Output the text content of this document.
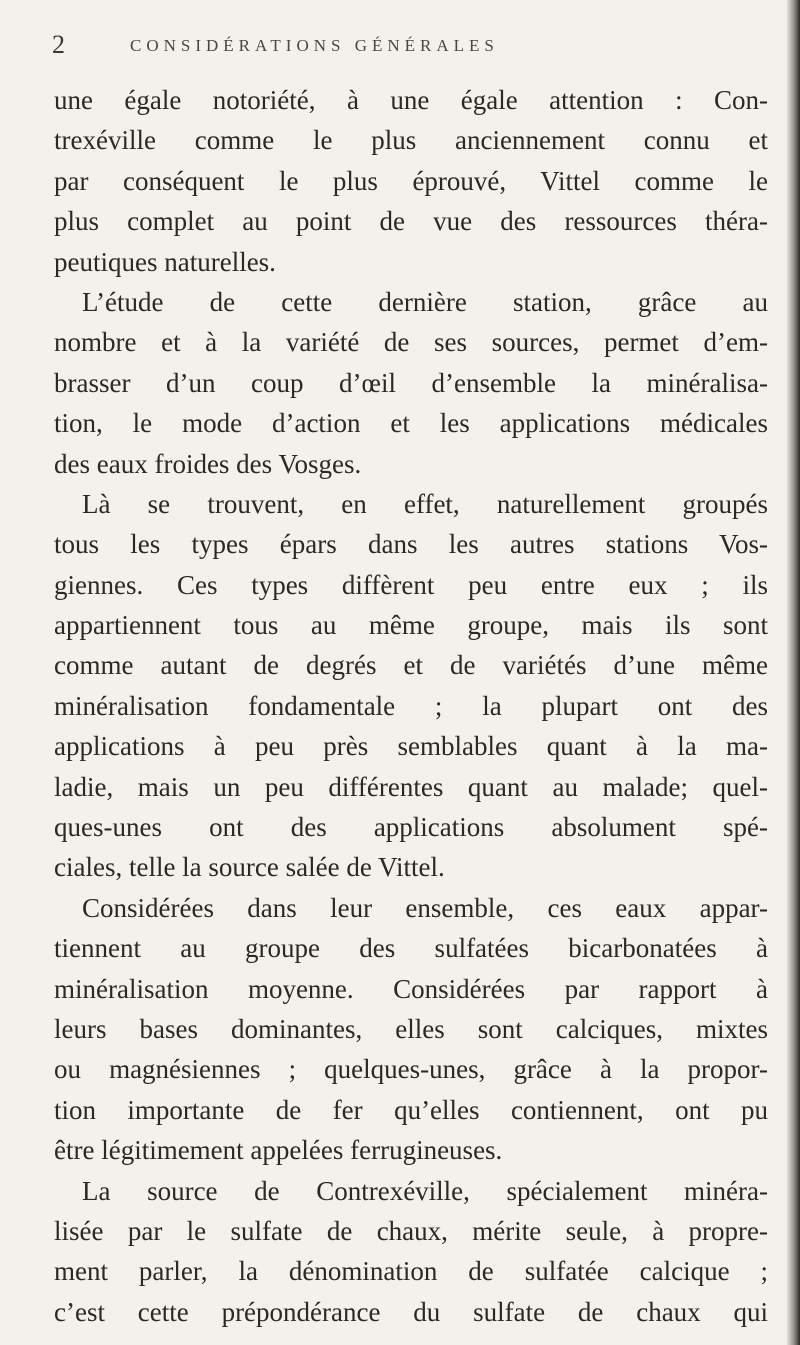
2	CONSIDÉRATIONS GÉNÉRALES
une égale notoriété, à une égale attention : Con-
trexéville comme le plus anciennement connu et
par conséquent le plus éprouvé, Vittel comme le
plus complet au point de vue des ressources théra-
peutiques naturelles.
L’étude de cette dernière station, grâce au
nombre et à la variété de ses sources, permet d’em-
brasser d’un coup d’œil d’ensemble la minéralisa-
tion, le mode d’action et les applications médicales
des eaux froides des Vosges.
Là se trouvent, en effet, naturellement groupés
tous les types épars dans les autres stations Vos-
giennes. Ces types diffèrent peu entre eux ; ils
appartiennent tous au même groupe, mais ils sont
comme autant de degrés et de variétés d’une même
minéralisation fondamentale ; la plupart ont des
applications à peu près semblables quant à la ma-
ladie, mais un peu différentes quant au malade; quel-
ques-unes ont des applications absolument spé-
ciales, telle la source salée de Vittel.
Considérées dans leur ensemble, ces eaux appar-
tiennent au groupe des sulfatées bicarbonatées à
minéralisation moyenne. Considérées par rapport à
leurs bases dominantes, elles sont calciques, mixtes
ou magnésiennes ; quelques-unes, grâce à la propor-
tion importante de fer qu’elles contiennent, ont pu
être légitimement appelées ferrugineuses.
La source de Contrexéville, spécialement minéra-
lisée par le sulfate de chaux, mérite seule, à propre-
ment parler, la dénomination de sulfatée calcique ;
c’est cette prépondérance du sulfate de chaux qui
